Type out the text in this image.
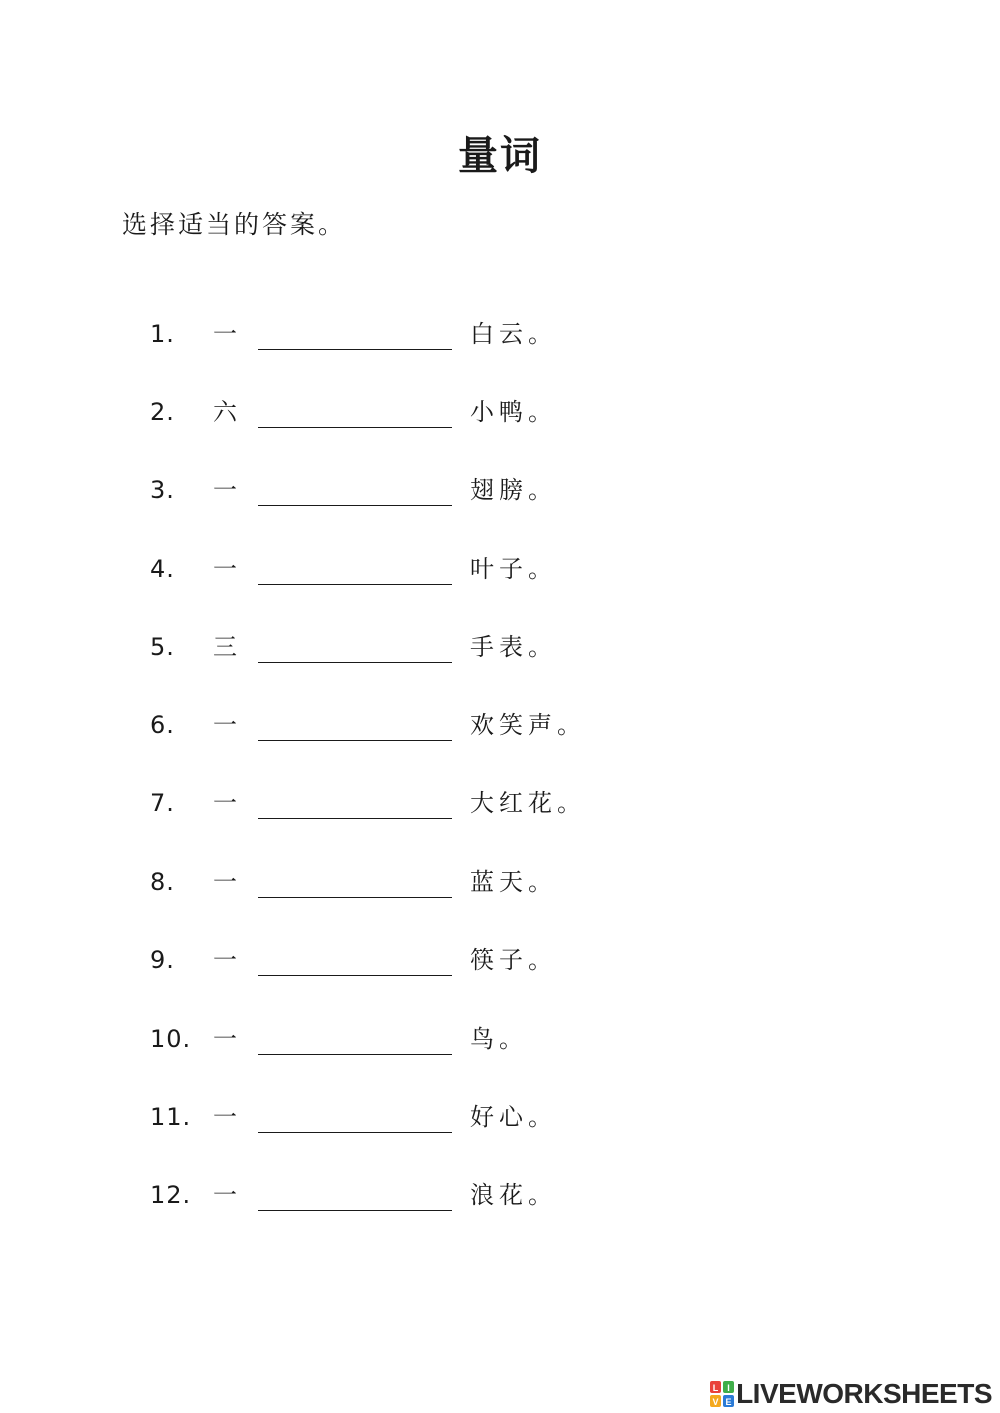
量词

选择适当的答案。

1. 一	白云。
2. 六	小鸭。
3. 一	翅膀。
4. 一	叶子。
5. 三	手表。
6. 一	欢笑声。
7. 一	大红花。
8. 一	蓝天。
9. 一	筷子。
10. 一	鸟。
11. 一	好心。
12. 一	浪花。
L I
V E LIVEWORKSHEETS
